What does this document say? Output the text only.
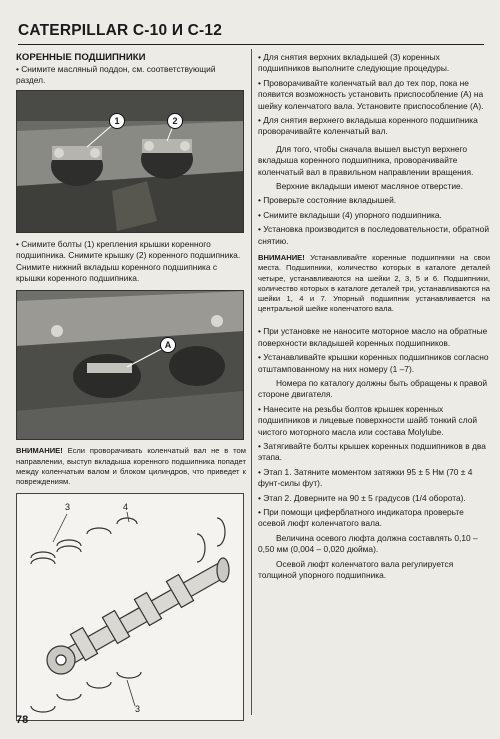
CATERPILLAR C-10 И C-12
КОРЕННЫЕ ПОДШИПНИКИ

• Снимите масляный поддон, см. соответствующий раздел.

1	2

• Снимите болты (1) крепления крышки коренного подшипника. Снимите крышку (2) коренного подшипника. Снимите нижний вкладыш коренного подшипника с крышки коренного подшипника.

A

ВНИМАНИЕ! Если проворачивать коленчатый вал не в том направлении, выступ вкладыша коренного подшипника попадет между коленчатым валом и блоком цилиндров, что приведет к повреждениям.

3	4
3

• Для снятия верхних вкладышей (3) коренных подшипников выполните следующие процедуры.

• Проворачивайте коленчатый вал до тех пор, пока не появится возможность установить приспособление (A) на шейку коленчатого вала. Установите приспособление (A).

• Для снятия верхнего вкладыша коренного подшипника проворачивайте коленчатый вал.

Для того, чтобы сначала вышел выступ верхнего вкладыша коренного подшипника, проворачивайте коленчатый вал в правильном направлении вращения.

Верхние вкладыши имеют масляное отверстие.

• Проверьте состояние вкладышей.

• Снимите вкладыши (4) упорного подшипника.

• Установка производится в последовательности, обратной снятию.

ВНИМАНИЕ! Устанавливайте коренные подшипники на свои места. Подшипники, количество которых в каталоге деталей четыре, устанавливаются на шейки 2, 3, 5 и 6. Подшипники, количество которых в каталоге деталей три, устанавливаются на шейки 1, 4 и 7. Упорный подшипник устанавливается на центральной шейке коленчатого вала.

• При установке не наносите моторное масло на обратные поверхности вкладышей коренных подшипников.

• Устанавливайте крышки коренных подшипников согласно отштампованному на них номеру (1 –7).

Номера по каталогу должны быть обращены к правой стороне двигателя.

• Нанесите на резьбы болтов крышек коренных подшипников и лицевые поверхности шайб тонкий слой чистого моторного масла или состава Molylube.

• Затягивайте болты крышек коренных подшипников в два этапа.

• Этап 1. Затяните моментом затяжки 95 ± 5 Нм (70 ± 4 фунт-силы фут).

• Этап 2. Доверните на 90 ± 5 градусов (1/4 оборота).

• При помощи циферблатного индикатора проверьте осевой люфт коленчатого вала.

Величина осевого люфта должна составлять 0,10 – 0,50 мм (0,004 – 0,020 дюйма).

Осевой люфт коленчатого вала регулируется толщиной упорного подшипника.

78
